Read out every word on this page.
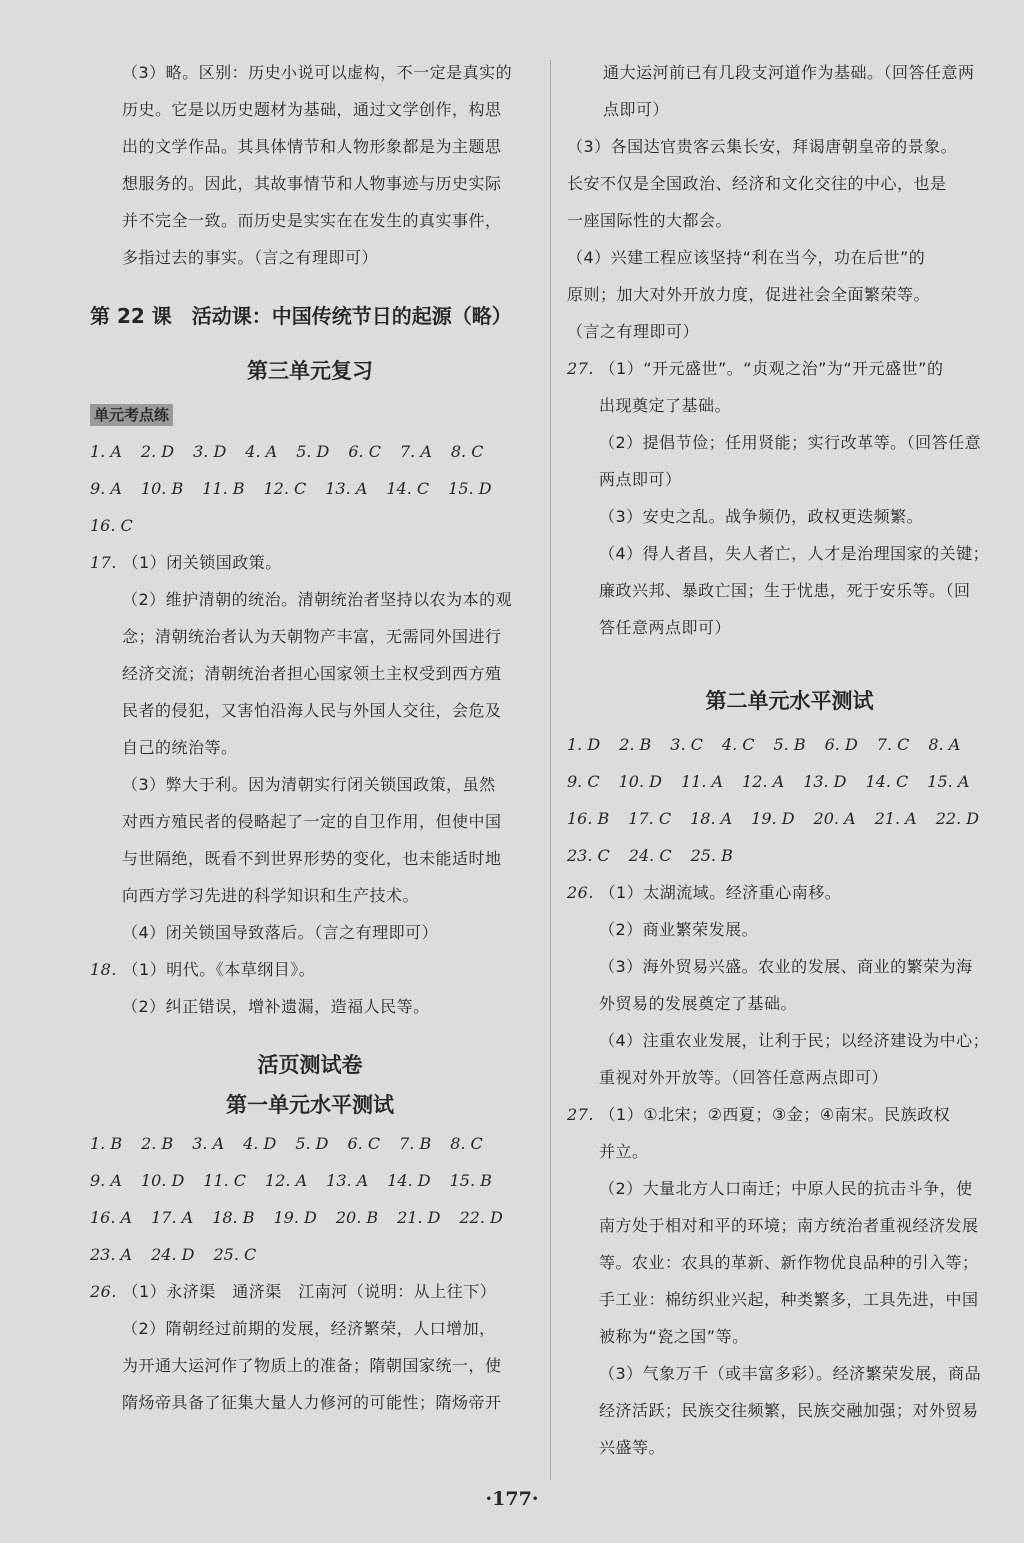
（3）略。区别：历史小说可以虚构，不一定是真实的
历史。它是以历史题材为基础，通过文学创作，构思
出的文学作品。其具体情节和人物形象都是为主题思
想服务的。因此，其故事情节和人物事迹与历史实际
并不完全一致。而历史是实实在在发生的真实事件，
多指过去的事实。（言之有理即可）
第 22 课　活动课：中国传统节日的起源（略）
第三单元复习
单元考点练
1. A 2. D 3. D 4. A 5. D 6. C 7. A 8. C
9. A 10. B 11. B 12. C 13. A 14. C 15. D
16. C
17. （1）闭关锁国政策。
（2）维护清朝的统治。清朝统治者坚持以农为本的观
念；清朝统治者认为天朝物产丰富，无需同外国进行
经济交流；清朝统治者担心国家领土主权受到西方殖
民者的侵犯，又害怕沿海人民与外国人交往，会危及
自己的统治等。
（3）弊大于利。因为清朝实行闭关锁国政策，虽然
对西方殖民者的侵略起了一定的自卫作用，但使中国
与世隔绝，既看不到世界形势的变化，也未能适时地
向西方学习先进的科学知识和生产技术。
（4）闭关锁国导致落后。（言之有理即可）
18. （1）明代。《本草纲目》。
（2）纠正错误，增补遗漏，造福人民等。
活页测试卷
第一单元水平测试
1. B 2. B 3. A 4. D 5. D 6. C 7. B 8. C
9. A 10. D 11. C 12. A 13. A 14. D 15. B
16. A 17. A 18. B 19. D 20. B 21. D 22. D
23. A 24. D 25. C
26. （1）永济渠　通济渠　江南河（说明：从上往下）
（2）隋朝经过前期的发展，经济繁荣，人口增加，
为开通大运河作了物质上的准备；隋朝国家统一，使
隋炀帝具备了征集大量人力修河的可能性；隋炀帝开
通大运河前已有几段支河道作为基础。（回答任意两
点即可）
（3）各国达官贵客云集长安，拜谒唐朝皇帝的景象。
长安不仅是全国政治、经济和文化交往的中心，也是
一座国际性的大都会。
（4）兴建工程应该坚持“利在当今，功在后世”的
原则；加大对外开放力度，促进社会全面繁荣等。
（言之有理即可）
27. （1）“开元盛世”。“贞观之治”为“开元盛世”的
出现奠定了基础。
（2）提倡节俭；任用贤能；实行改革等。（回答任意
两点即可）
（3）安史之乱。战争频仍，政权更迭频繁。
（4）得人者昌，失人者亡，人才是治理国家的关键；
廉政兴邦、暴政亡国；生于忧患，死于安乐等。（回
答任意两点即可）
第二单元水平测试
1. D 2. B 3. C 4. C 5. B 6. D 7. C 8. A
9. C 10. D 11. A 12. A 13. D 14. C 15. A
16. B 17. C 18. A 19. D 20. A 21. A 22. D
23. C 24. C 25. B
26. （1）太湖流域。经济重心南移。
（2）商业繁荣发展。
（3）海外贸易兴盛。农业的发展、商业的繁荣为海
外贸易的发展奠定了基础。
（4）注重农业发展，让利于民；以经济建设为中心；
重视对外开放等。（回答任意两点即可）
27. （1）①北宋；②西夏；③金；④南宋。民族政权
并立。
（2）大量北方人口南迁；中原人民的抗击斗争，使
南方处于相对和平的环境；南方统治者重视经济发展
等。农业：农具的革新、新作物优良品种的引入等；
手工业：棉纺织业兴起，种类繁多，工具先进，中国
被称为“瓷之国”等。
（3）气象万千（或丰富多彩）。经济繁荣发展，商品
经济活跃；民族交往频繁，民族交融加强；对外贸易
兴盛等。
·177·
